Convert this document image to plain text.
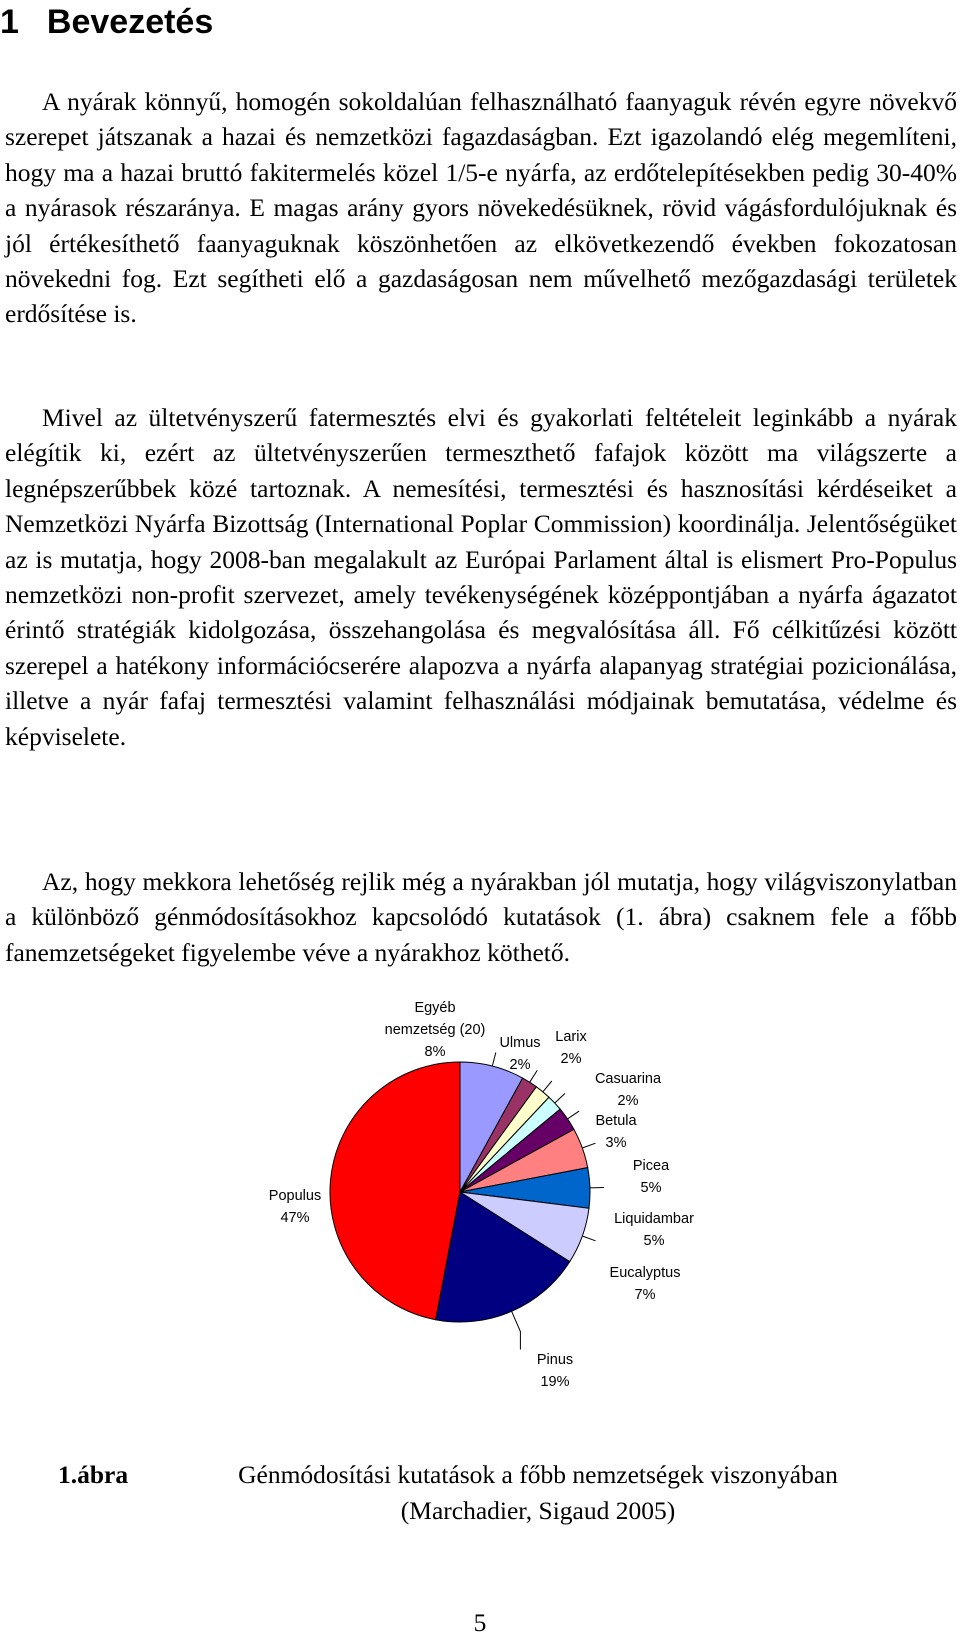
1 Bevezetés

A nyárak könnyű, homogén sokoldalúan felhasználható faanyaguk révén egyre növekvő szerepet játszanak a hazai és nemzetközi fagazdaságban. Ezt igazolandó elég megemlíteni, hogy ma a hazai bruttó fakitermelés közel 1/5-e nyárfa, az erdőtelepítésekben pedig 30-40% a nyárasok részaránya. E magas arány gyors növekedésüknek, rövid vágásfordulójuknak és jól értékesíthető faanyaguknak köszönhetően az elkövetkezendő években fokozatosan növekedni fog. Ezt segítheti elő a gazdaságosan nem művelhető mezőgazdasági területek erdősítése is.

Mivel az ültetvényszerű fatermesztés elvi és gyakorlati feltételeit leginkább a nyárak elégítik ki, ezért az ültetvényszerűen termeszthető fafajok között ma világszerte a legnépszerűbbek közé tartoznak. A nemesítési, termesztési és hasznosítási kérdéseiket a Nemzetközi Nyárfa Bizottság (International Poplar Commission) koordinálja. Jelentőségüket az is mutatja, hogy 2008-ban megalakult az Európai Parlament által is elismert Pro-Populus nemzetközi non-profit szervezet, amely tevékenységének középpontjában a nyárfa ágazatot érintő stratégiák kidolgozása, összehangolása és megvalósítása áll. Fő célkitűzési között szerepel a hatékony információcserére alapozva a nyárfa alapanyag stratégiai pozicionálása, illetve a nyár fafaj termesztési valamint felhasználási módjainak bemutatása, védelme és képviselete.

Az, hogy mekkora lehetőség rejlik még a nyárakban jól mutatja, hogy világviszonylatban a különböző génmódosításokhoz kapcsolódó kutatások (1. ábra) csaknem fele a főbb fanemzetségeket figyelembe véve a nyárakhoz köthető.

Egyéb
nemzetség (20)
8%
Ulmus
2%
Larix
2%
Casuarina
2%
Betula
3%
Picea
5%
Liquidambar
5%
Eucalyptus
7%
Pinus
19%
Populus
47%
1.ábra	Génmódosítási kutatások a főbb nemzetségek viszonyában
(Marchadier, Sigaud 2005)
5
